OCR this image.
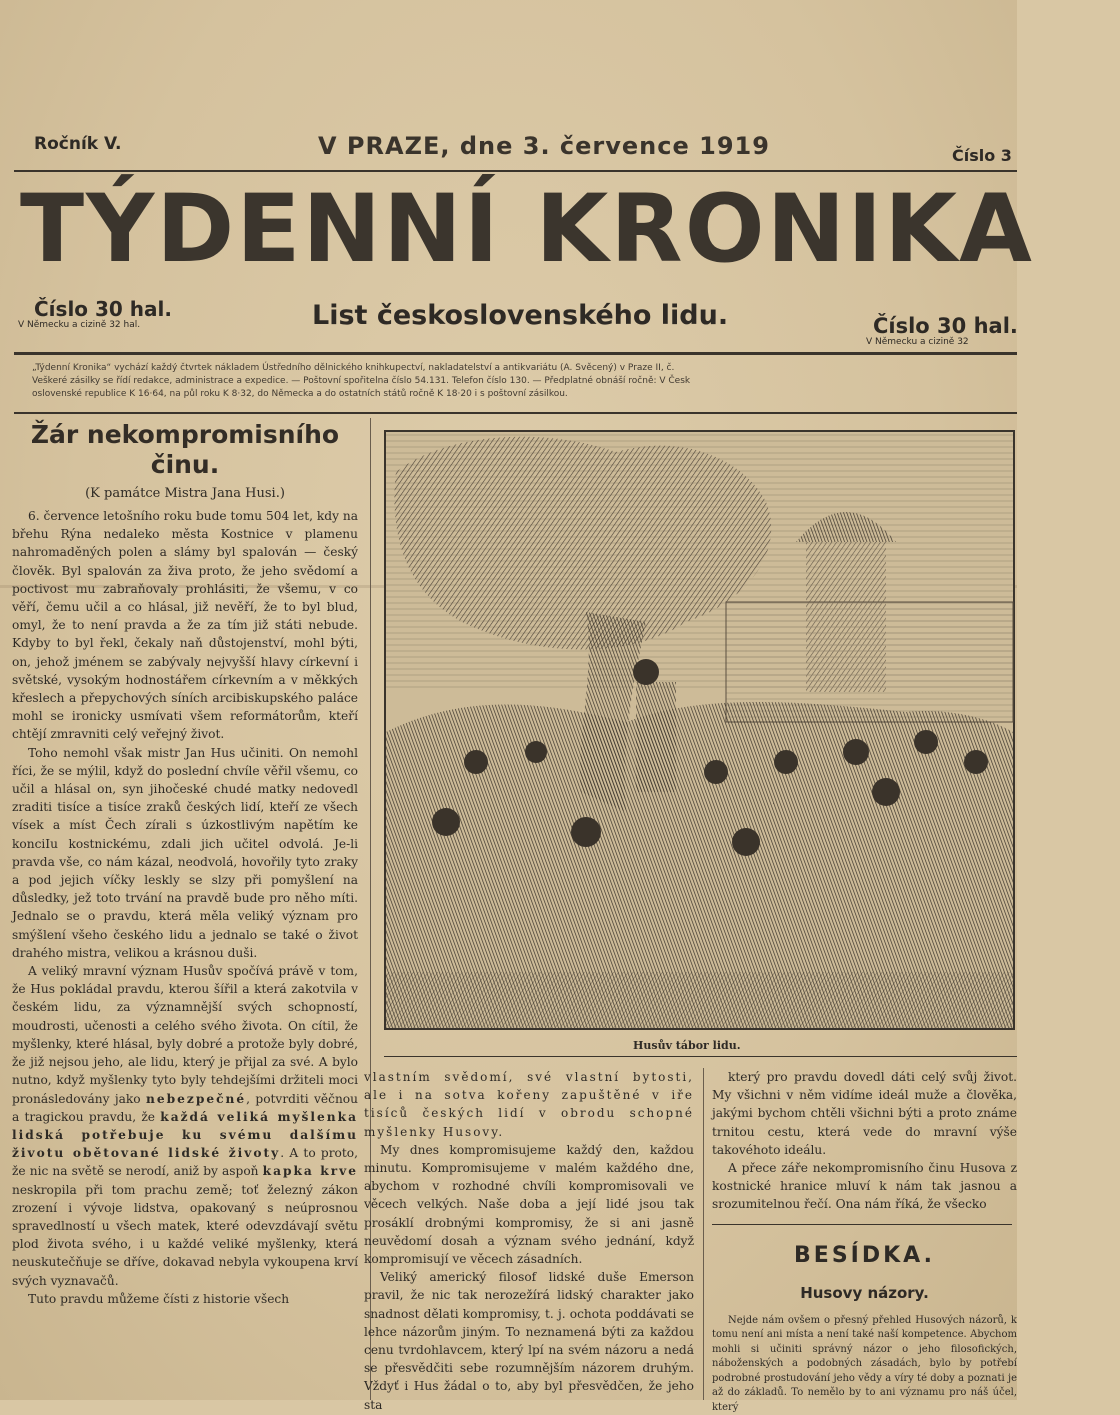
Ročník V.	V PRAZE, dne 3. července 1919	Číslo 3
TÝDENNÍ KRONIKA
Číslo 30 hal.
V Německu a cizině 32 hal.	List československého lidu.	Číslo 30 hal.
V Německu a cizině 32
„Týdenní Kronika“ vychází každý čtvrtek nákladem Ústředního dělnického knihkupectví, nakladatelství a antikvariátu (A. Svěcený) v Praze II, č.
Veškeré zásilky se řídí redakce, administrace a expedice. — Poštovní spořitelna číslo 54.131. Telefon číslo 130. — Předplatné obnáší ročně: V Česk
oslovenské republice K 16·64, na půl roku K 8·32, do Německa a do ostatních států ročně K 18·20 i s poštovní zásilkou.
Žár nekompromisního
činu.
(K památce Mistra Jana Husi.)

6. července letošního roku bude tomu 504 let, kdy na břehu Rýna nedaleko města Kostnice v plamenu nahromaděných polen a slámy byl spalován — český člověk. Byl spalován za živa proto, že jeho svědomí a poctivost mu zabraňovaly prohlásiti, že všemu, v co věří, čemu učil a co hlásal, již nevěří, že to byl blud, omyl, že to není pravda a že za tím již státi nebude. Kdyby to byl řekl, čekaly naň důstojenství, mohl býti, on, jehož jménem se zabývaly nejvyšší hlavy církevní i světské, vysokým hodnostářem církevním a v měkkých křeslech a přepychových síních arcibiskupského paláce mohl se ironicky usmívati všem reformátorům, kteří chtějí zmravniti celý veřejný život.

Toho nemohl však mistr Jan Hus učiniti. On nemohl říci, že se mýlil, když do poslední chvíle věřil všemu, co učil a hlásal on, syn jihočeské chudé matky nedovedl zraditi tisíce a tisíce zraků českých lidí, kteří ze všech vísek a míst Čech zírali s úzkostlivým napětím ke konciIu kostnickému, zdali jich učitel odvolá. Je-li pravda vše, co nám kázal, neodvolá, hovořily tyto zraky a pod jejich víčky leskly se slzy při pomyšlení na důsledky, jež toto trvání na pravdě bude pro něho míti. Jednalo se o pravdu, která měla veliký význam pro smýšlení všeho českého lidu a jednalo se také o život drahého mistra, velikou a krásnou duši.

A veliký mravní význam Husův spočívá právě v tom, že Hus pokládal pravdu, kterou šířil a která zakotvila v českém lidu, za významnější svých schopností, moudrosti, učenosti a celého svého života. On cítil, že myšlenky, které hlásal, byly dobré a protože byly dobré, že již nejsou jeho, ale lidu, který je přijal za své. A bylo nutno, když myšlenky tyto byly tehdejšími držiteli moci pronásledovány jako nebezpečné, potvrditi věčnou a tragickou pravdu, že každá veliká myšlenka lidská potřebuje ku svému dalšímu životu obětované lidské životy. A to proto, že nic na světě se nerodí, aniž by aspoň kapka krve neskropila při tom prachu země; toť železný zákon zrození i vývoje lidstva, opakovaný s neúprosnou spravedlností u všech matek, které odevzdávají světu plod života svého, i u každé veliké myšlenky, která neuskutečňuje se dříve, dokavad nebyla vykoupena krví svých vyznavačů.

Tuto pravdu můžeme čísti z historie všech

Husův tábor lidu.

vlastním svědomí, své vlastní bytosti, ale i na sotva kořeny zapuštěné v iře tisíců českých lidí v obrodu schopné myšlenky Husovy.

My dnes kompromisujeme každý den, každou minutu. Kompromisujeme v malém každého dne, abychom v rozhodné chvíli kompromisovali ve věcech velkých. Naše doba a její lidé jsou tak prosáklí drobnými kompromisy, že si ani jasně neuvědomí dosah a význam svého jednání, když kompromisují ve věcech zásadních.

Veliký americký filosof lidské duše Emerson pravil, že nic tak nerozežírá lidský charakter jako snadnost dělati kompromisy, t. j. ochota poddávati se lehce názorům jiným. To neznamená býti za každou cenu tvrdohlavcem, který lpí na svém názoru a nedá se přesvědčiti sebe rozumnějším názorem druhým. Vždyť i Hus žádal o to, aby byl přesvědčen, že jeho sta

který pro pravdu dovedl dáti celý svůj život. My všichni v něm vidíme ideál muže a člověka, jakými bychom chtěli všichni býti a proto známe trnitou cestu, která vede do mravní výše takovéhoto ideálu.

A přece záře nekompromisního činu Husova z kostnické hranice mluví k nám tak jasnou a srozumitelnou řečí. Ona nám říká, že všecko

BESÍDKA.
Husovy názory.

Nejde nám ovšem o přesný přehled Husových názorů, k tomu není ani místa a není také naší kompetence. Abychom mohli si učiniti správný názor o jeho filosofických, náboženských a podobných zásadách, bylo by potřebí podrobné prostudování jeho vědy a víry té doby a poznati je až do základů. To nemělo by to ani významu pro náš účel, který
